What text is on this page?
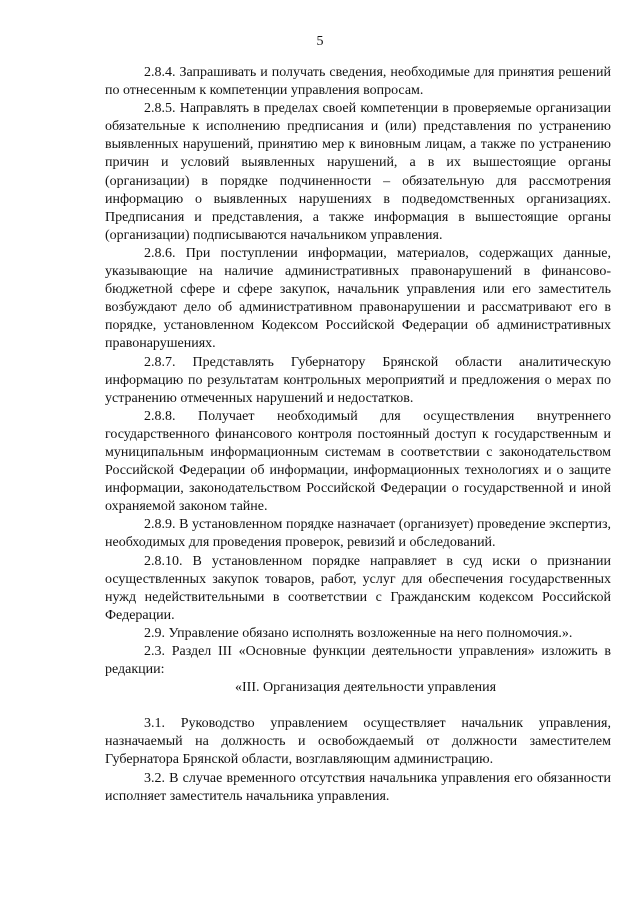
5

2.8.4. Запрашивать и получать сведения, необходимые для принятия решений по отнесенным к компетенции управления вопросам.

2.8.5. Направлять в пределах своей компетенции в проверяемые организации обязательные к исполнению предписания и (или) представления по устранению выявленных нарушений, принятию мер к виновным лицам, а также по устранению причин и условий выявленных нарушений, а в их вышестоящие органы (организации) в порядке подчиненности – обязательную для рассмотрения информацию о выявленных нарушениях в подведомственных организациях. Предписания и представления, а также информация в вышестоящие органы (организации) подписываются начальником управления.

2.8.6. При поступлении информации, материалов, содержащих данные, указывающие на наличие административных правонарушений в финансово-бюджетной сфере и сфере закупок, начальник управления или его заместитель возбуждают дело об административном правонарушении и рассматривают его в порядке, установленном Кодексом Российской Федерации об административных правонарушениях.

2.8.7. Представлять Губернатору Брянской области аналитическую информацию по результатам контрольных мероприятий и предложения о мерах по устранению отмеченных нарушений и недостатков.

2.8.8. Получает необходимый для осуществления внутреннего государственного финансового контроля постоянный доступ к государственным и муниципальным информационным системам в соответствии с законодательством Российской Федерации об информации, информационных технологиях и о защите информации, законодательством Российской Федерации о государственной и иной охраняемой законом тайне.

2.8.9. В установленном порядке назначает (организует) проведение экспертиз, необходимых для проведения проверок, ревизий и обследований.

2.8.10. В установленном порядке направляет в суд иски о признании осуществленных закупок товаров, работ, услуг для обеспечения государственных нужд недействительными в соответствии с Гражданским кодексом Российской Федерации.

2.9. Управление обязано исполнять возложенные на него полномочия.».

2.3. Раздел III «Основные функции деятельности управления» изложить в редакции:

«III. Организация деятельности управления

3.1. Руководство управлением осуществляет начальник управления, назначаемый на должность и освобождаемый от должности заместителем Губернатора Брянской области, возглавляющим администрацию.

3.2. В случае временного отсутствия начальника управления его обязанности исполняет заместитель начальника управления.
